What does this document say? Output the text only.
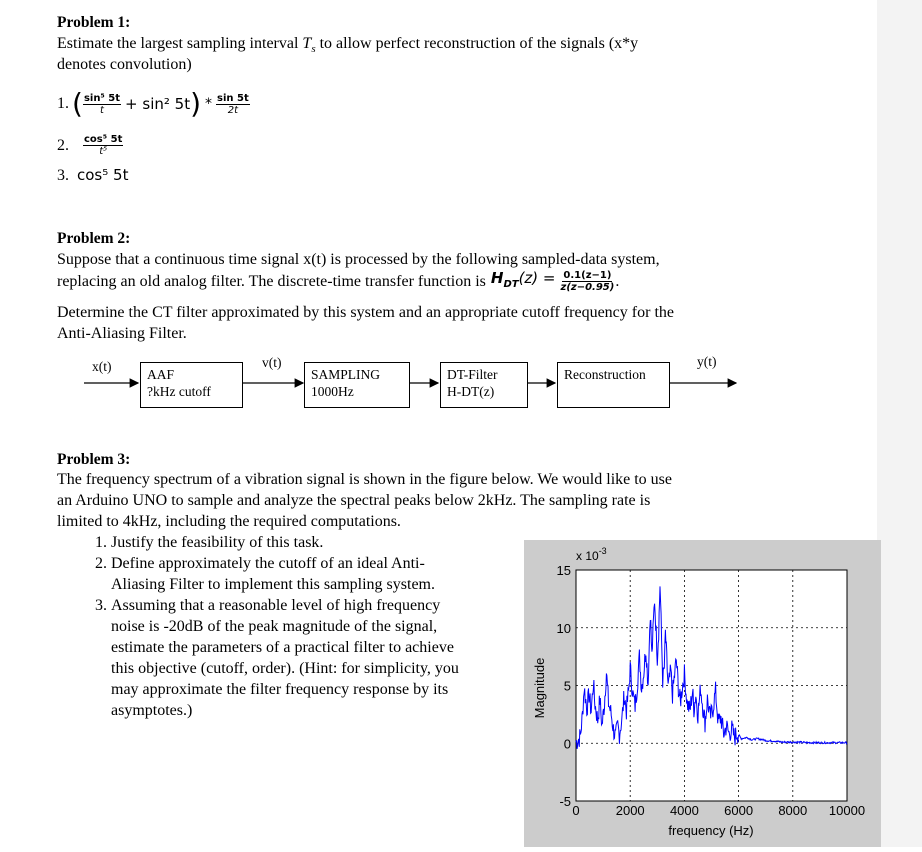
Problem 1:
Estimate the largest sampling interval $T_s$ to allow perfect reconstruction of the signals (x*y
denotes convolution)
1. ( $\frac{\text{sin⁵ 5t}}{t} + \sin^2$ 5t ) * $\frac{\sin 5t}{2t}$
2. $\frac{\text{cos⁵ 5t}}{\text{t⁵}}$
3. cos⁵ 5t
Problem 2:
Suppose that a continuous time signal x(t) is processed by the following sampled-data system,
replacing an old analog filter. The discrete-time transfer function is $H_{DT}(z) = \frac{0.1(z-1)}{z(z-0.95)}$ .
Determine the CT filter approximated by this system and an appropriate cutoff frequency for the
Anti-Aliasing Filter.
x(t)	v(t)	y(t)
AAF
?kHz cutoff
SAMPLING
1000Hz
DT-Filter
H-DT(z)
Reconstruction
Problem 3:
The frequency spectrum of a vibration signal is shown in the figure below. We would like to use
an Arduino UNO to sample and analyze the spectral peaks below 2kHz. The sampling rate is
limited to 4kHz, including the required computations.
1. Justify the feasibility of this task.
2. Define approximately the cutoff of an ideal Anti-
Aliasing Filter to implement this sampling system.
3. Assuming that a reasonable level of high frequency
noise is -20dB of the peak magnitude of the signal,
estimate the parameters of a practical filter to achieve
this objective (cutoff, order). (Hint: for simplicity, you
may approximate the filter frequency response by its
asymptotes.)
0	2000 4000 6000 8000 10000
-5
0
5
10
15
frequency (Hz)
Magnitude
x $10^{-3}$
